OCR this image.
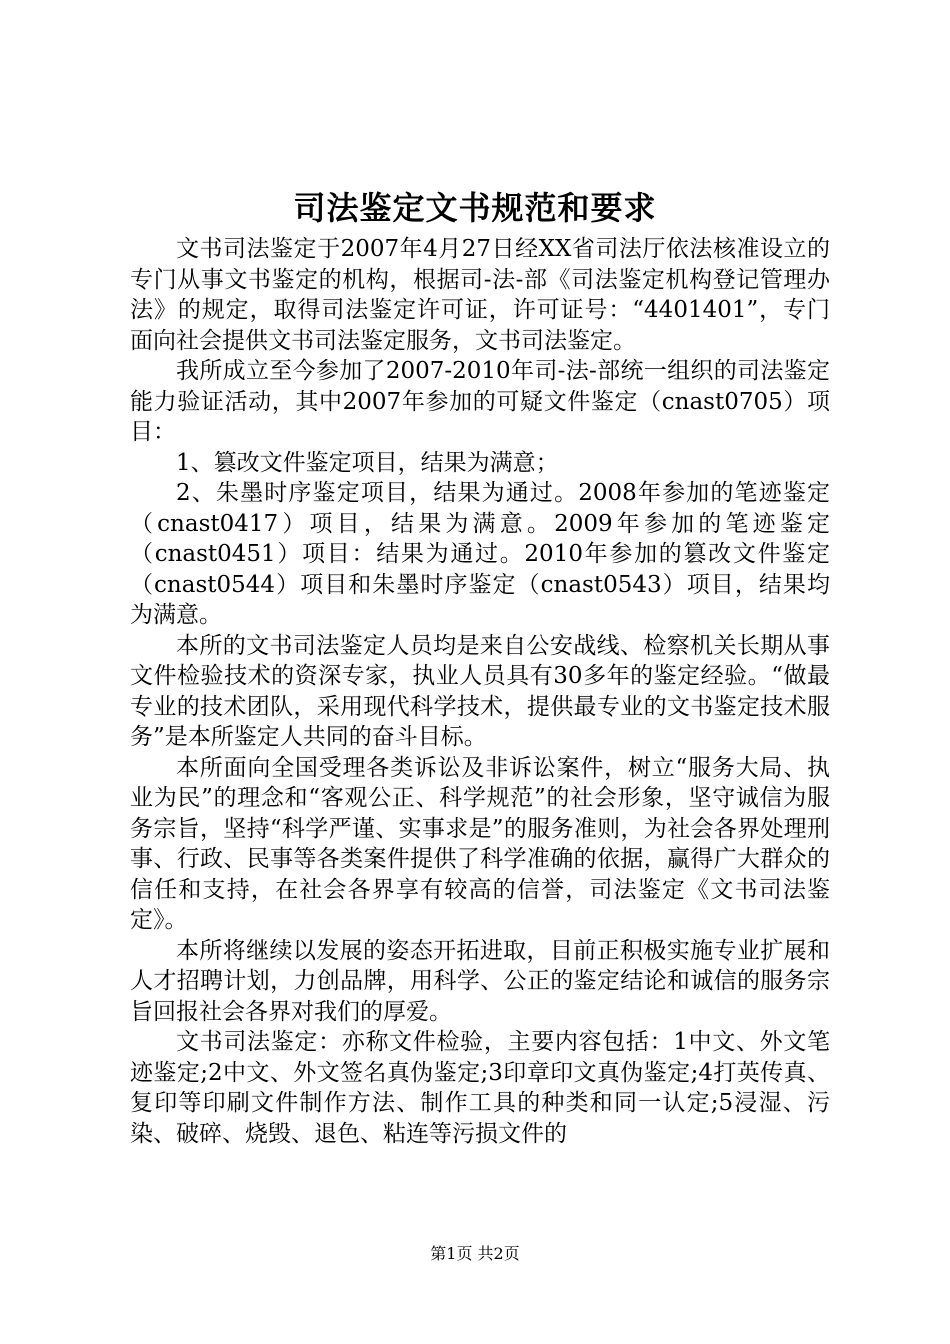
司法鉴定文书规范和要求

文书司法鉴定于2007年4月27日经XX省司法厅依法核准设立的专门从事文书鉴定的机构，根据司-法-部《司法鉴定机构登记管理办法》的规定，取得司法鉴定许可证，许可证号：“4401401”，专门面向社会提供文书司法鉴定服务，文书司法鉴定。

我所成立至今参加了2007-2010年司-法-部统一组织的司法鉴定能力验证活动，其中2007年参加的可疑文件鉴定（cnast0705）项目：

1、篡改文件鉴定项目，结果为满意；

2、朱墨时序鉴定项目，结果为通过。2008年参加的笔迹鉴定（cnast0417）项目，结果为满意。2009年参加的笔迹鉴定（cnast0451）项目：结果为通过。2010年参加的篡改文件鉴定（cnast0544）项目和朱墨时序鉴定（cnast0543）项目，结果均为满意。

本所的文书司法鉴定人员均是来自公安战线、检察机关长期从事文件检验技术的资深专家，执业人员具有30多年的鉴定经验。“做最专业的技术团队，采用现代科学技术，提供最专业的文书鉴定技术服务”是本所鉴定人共同的奋斗目标。

本所面向全国受理各类诉讼及非诉讼案件，树立“服务大局、执业为民”的理念和“客观公正、科学规范”的社会形象，坚守诚信为服务宗旨，坚持“科学严谨、实事求是”的服务准则，为社会各界处理刑事、行政、民事等各类案件提供了科学准确的依据，赢得广大群众的信任和支持，在社会各界享有较高的信誉，司法鉴定《文书司法鉴定》。

本所将继续以发展的姿态开拓进取，目前正积极实施专业扩展和人才招聘计划，力创品牌，用科学、公正的鉴定结论和诚信的服务宗旨回报社会各界对我们的厚爱。

文书司法鉴定：亦称文件检验，主要内容包括：1中文、外文笔迹鉴定;2中文、外文签名真伪鉴定;3印章印文真伪鉴定;4打英传真、复印等印刷文件制作方法、制作工具的种类和同一认定;5浸湿、污染、破碎、烧毁、退色、粘连等污损文件的

第1页 共2页
